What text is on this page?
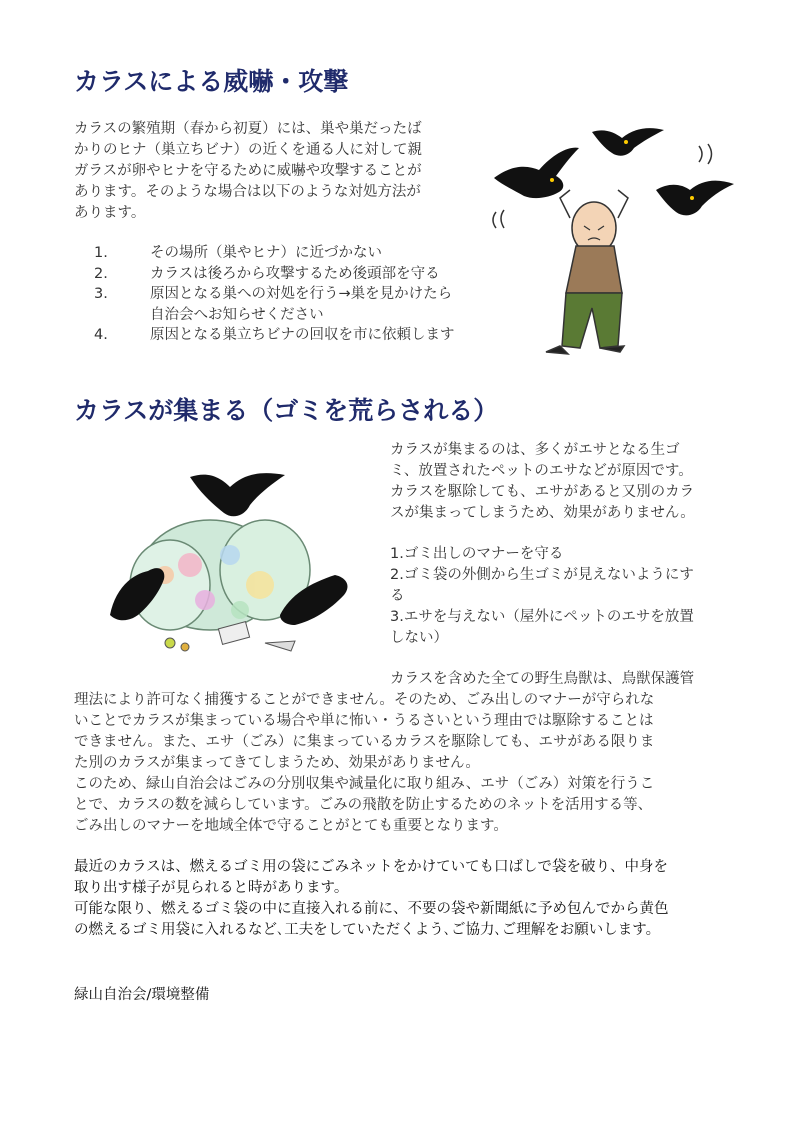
カラスによる威嚇・攻撃

カラスの繁殖期（春から初夏）には、巣や巣だったば

かりのヒナ（巣立ちビナ）の近くを通る人に対して親

ガラスが卵やヒナを守るために威嚇や攻撃することが

あります。そのような場合は以下のような対処方法が

あります。

1.	その場所（巣やヒナ）に近づかない
2.	カラスは後ろから攻撃するため後頭部を守る
3.	原因となる巣への対処を行う→巣を見かけたら
自治会へお知らせください
4.	原因となる巣立ちビナの回収を市に依頼します
カラスが集まる（ゴミを荒らされる）

カラスが集まるのは、多くがエサとなる生ゴ

ミ、放置されたペットのエサなどが原因です。

カラスを駆除しても、エサがあると又別のカラ

スが集まってしまうため、効果がありません。

1.ゴミ出しのマナーを守る

2.ゴミ袋の外側から生ゴミが見えないようにす

る

3.エサを与えない（屋外にペットのエサを放置

しない）

カラスを含めた全ての野生鳥獣は、鳥獣保護管

理法により許可なく捕獲することができません。そのため、ごみ出しのマナーが守られな

いことでカラスが集まっている場合や単に怖い・うるさいという理由では駆除することは

できません。また、エサ（ごみ）に集まっているカラスを駆除しても、エサがある限りま

た別のカラスが集まってきてしまうため、効果がありません。

このため、緑山自治会はごみの分別収集や減量化に取り組み、エサ（ごみ）対策を行うこ

とで、カラスの数を減らしています。ごみの飛散を防止するためのネットを活用する等、

ごみ出しのマナーを地域全体で守ることがとても重要となります。

最近のカラスは、燃えるゴミ用の袋にごみネットをかけていても口ばしで袋を破り、中身を

取り出す様子が見られると時があります。

可能な限り、燃えるゴミ袋の中に直接入れる前に、不要の袋や新聞紙に予め包んでから黄色

の燃えるゴミ用袋に入れるなど､工夫をしていただくよう､ご協力､ご理解をお願いします。

緑山自治会/環境整備
